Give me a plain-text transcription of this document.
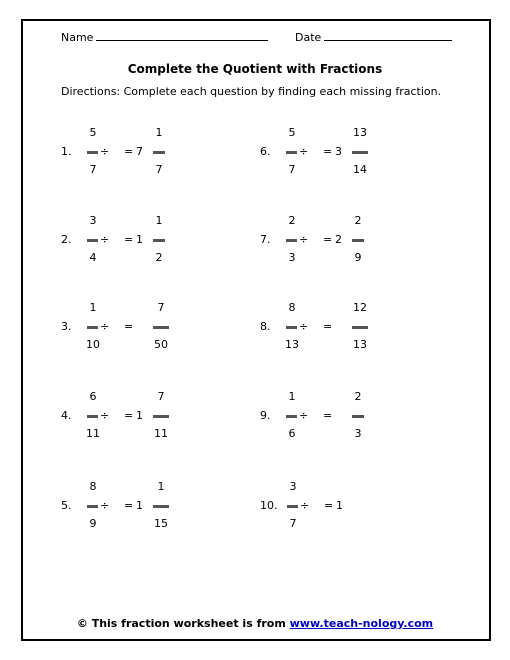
Name	Date
Complete the Quotient with Fractions
Directions: Complete each question by finding each missing fraction.
1.
5
7
÷ = 7
1
7
2.
3
4
÷ = 1
1
2
3.
1
10
÷ =
7
50
4.
6
11
÷ = 1
7
11
5.
8
9
÷ = 1
1
15
6.
5
7
÷ = 3
13
14
7.
2
3
÷ = 2
2
9
8.
8
13
÷ =
12
13
9.
1
6
÷ =
2
3
10.
3
7
÷ = 1
© This fraction worksheet is from www.teach-nology.com
